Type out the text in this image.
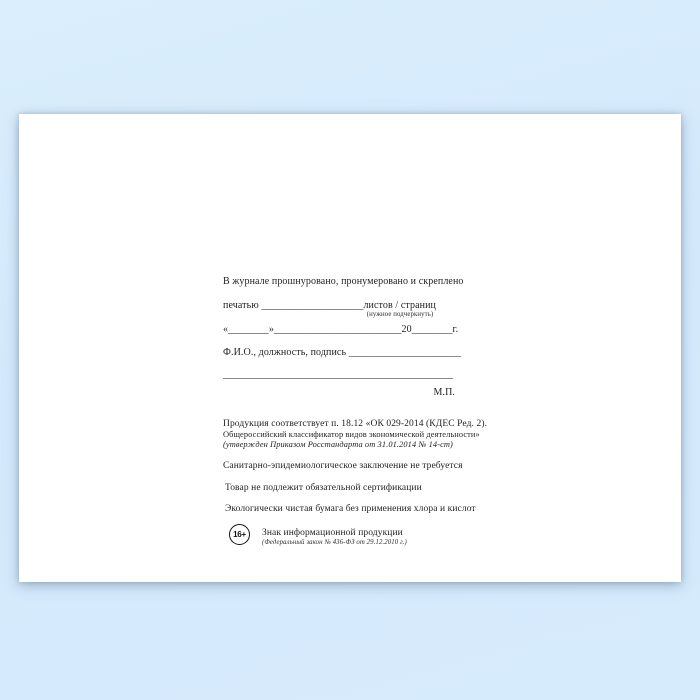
В журнале прошнуровано, пронумеровано и скреплено
печатью ____________________листов / страниц
(нужное подчеркнуть)
«________»_________________________20________г.
Ф.И.О., должность, подпись ______________________
______________________________________________
М.П.
Продукция соответствует п. 18.12 «ОК 029-2014 (КДЕС Ред. 2).
Общероссийский классификатор видов экономической деятельности»
(утвержден Приказом Росстандарта от 31.01.2014 № 14-ст)
Санитарно-эпидемиологическое заключение не требуется
Товар не подлежит обязательной сертификации
Экологически чистая бумага без применения хлора и кислот
16+	Знак информационной продукции
(Федеральный закон № 436-ФЗ от 29.12.2010 г.)
